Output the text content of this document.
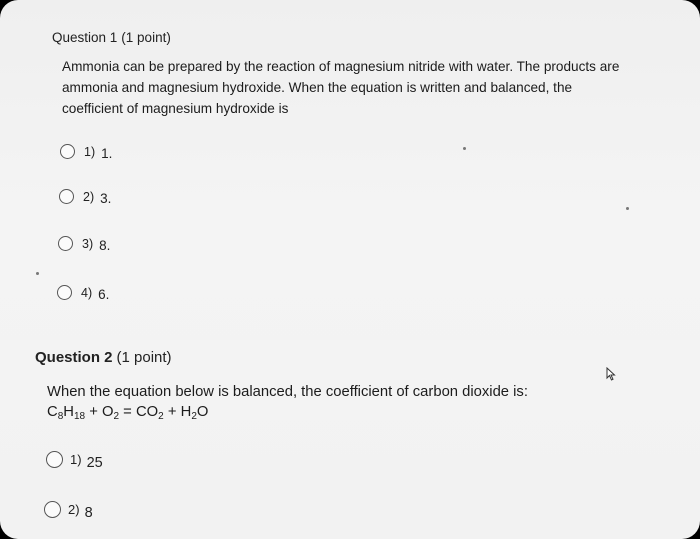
Question 1 (1 point)
Ammonia can be prepared by the reaction of magnesium nitride with water. The products are ammonia and magnesium hydroxide. When the equation is written and balanced, the coefficient of magnesium hydroxide is
1) 1.
2) 3.
3) 8.
4) 6.
Question 2 (1 point)
When the equation below is balanced, the coefficient of carbon dioxide is:
$C_8H_{18} + O_2 = CO_2 + H_2O$
1) 25
2) 8
